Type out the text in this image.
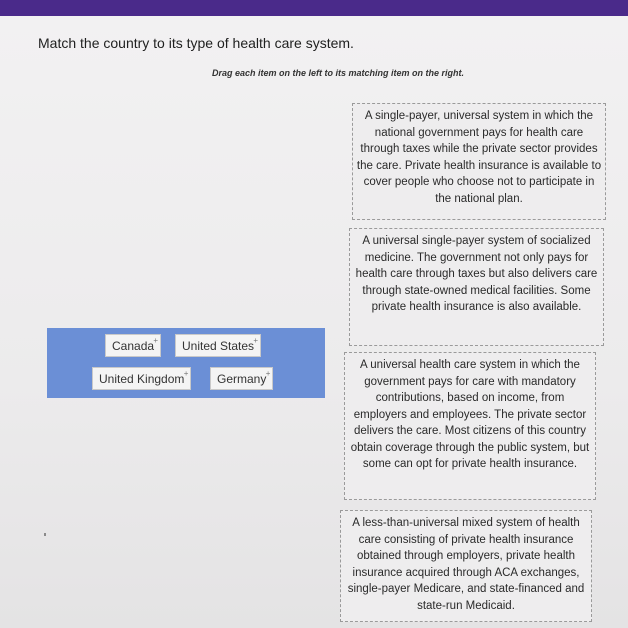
Match the country to its type of health care system.
Drag each item on the left to its matching item on the right.
A single-payer, universal system in which the national government pays for health care through taxes while the private sector provides the care. Private health insurance is available to cover people who choose not to participate in the national plan.
A universal single-payer system of socialized medicine. The government not only pays for health care through taxes but also delivers care through state-owned medical facilities. Some private health insurance is also available.
A universal health care system in which the government pays for care with mandatory contributions, based on income, from employers and employees. The private sector delivers the care. Most citizens of this country obtain coverage through the public system, but some can opt for private health insurance.
A less-than-universal mixed system of health care consisting of private health insurance obtained through employers, private health insurance acquired through ACA exchanges, single-payer Medicare, and state-financed and state-run Medicaid.
Canada +	United States +
United Kingdom +	Germany +
